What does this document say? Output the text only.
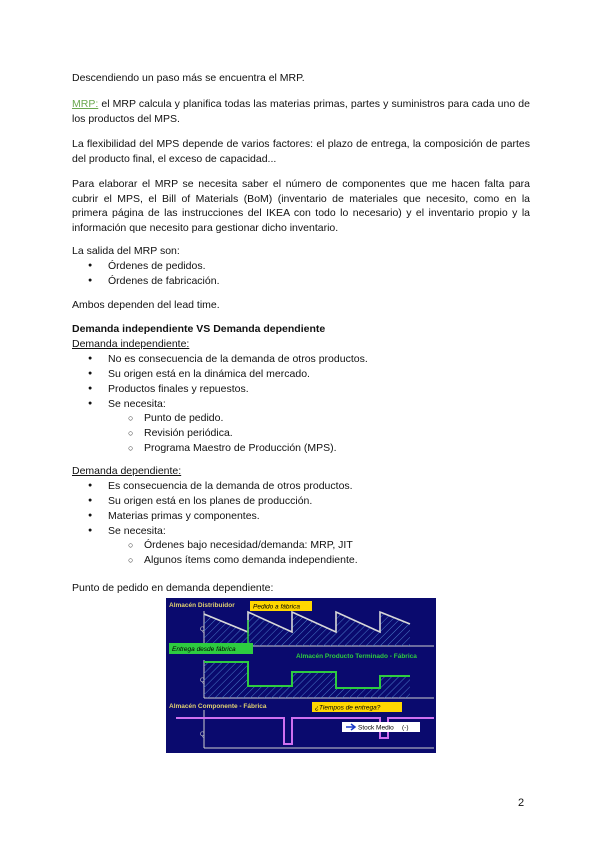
Descendiendo un paso más se encuentra el MRP.

MRP: el MRP calcula y planifica todas las materias primas, partes y suministros para cada uno de los productos del MPS.

La flexibilidad del MPS depende de varios factores: el plazo de entrega, la composición de partes del producto final, el exceso de capacidad...

Para elaborar el MRP se necesita saber el número de componentes que me hacen falta para cubrir el MPS, el Bill of Materials (BoM) (inventario de materiales que necesito, como en la primera página de las instrucciones del IKEA con todo lo necesario) y el inventario propio y la información que necesito para gestionar dicho inventario.

La salida del MRP son:

● Órdenes de pedidos.
● Órdenes de fabricación.

Ambos dependen del lead time.

Demanda independiente VS Demanda dependiente

Demanda independiente:

● No es consecuencia de la demanda de otros productos.
● Su origen está en la dinámica del mercado.
● Productos finales y repuestos.
● Se necesita:
○ Punto de pedido.
○ Revisión periódica.
○ Programa Maestro de Producción (MPS).

Demanda dependiente:

● Es consecuencia de la demanda de otros productos.
● Su origen está en los planes de producción.
● Materias primas y componentes.
● Se necesita:
○ Órdenes bajo necesidad/demanda: MRP, JIT
○ Algunos ítems como demanda independiente.

Punto de pedido en demanda dependiente:

Almacén Distribuidor	Pedido a fábrica
Q
Entrega desde fábrica
Almacén Producto Terminado - Fábrica
Q
Almacén Componente - Fábrica	¿Tiempos de entrega?
Stock Medio (-)
Q
2
